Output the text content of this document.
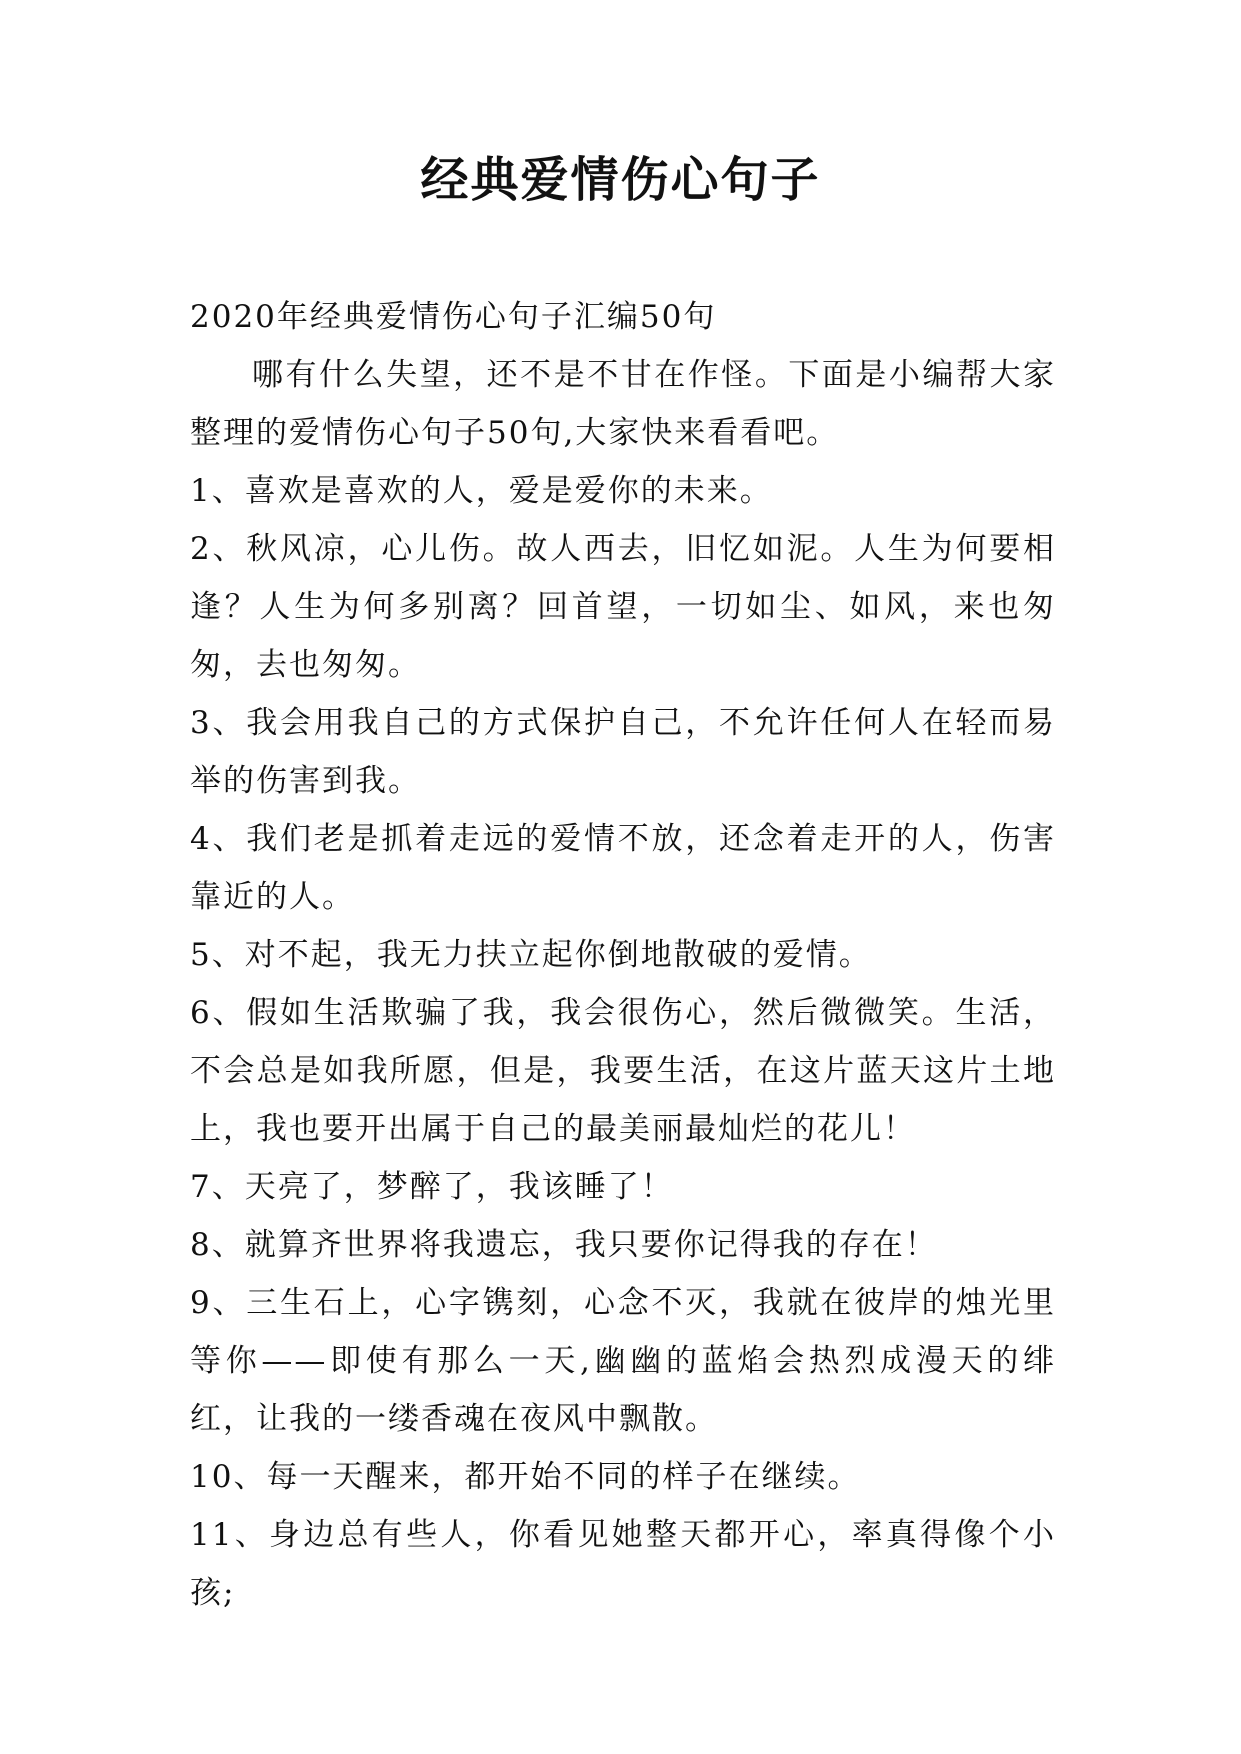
经典爱情伤心句子

2020年经典爱情伤心句子汇编50句

哪有什么失望，还不是不甘在作怪。下面是小编帮大家整理的爱情伤心句子50句,大家快来看看吧。

1、喜欢是喜欢的人，爱是爱你的未来。

2、秋风凉，心儿伤。故人西去，旧忆如泥。人生为何要相逢？人生为何多别离？回首望，一切如尘、如风，来也匆匆，去也匆匆。

3、我会用我自己的方式保护自己，不允许任何人在轻而易举的伤害到我。

4、我们老是抓着走远的爱情不放，还念着走开的人，伤害靠近的人。

5、对不起，我无力扶立起你倒地散破的爱情。

6、假如生活欺骗了我，我会很伤心，然后微微笑。生活，不会总是如我所愿，但是，我要生活，在这片蓝天这片土地上，我也要开出属于自己的最美丽最灿烂的花儿！

7、天亮了，梦醉了，我该睡了！

8、就算齐世界将我遗忘，我只要你记得我的存在！

9、三生石上，心字镌刻，心念不灭，我就在彼岸的烛光里等你——即使有那么一天,幽幽的蓝焰会热烈成漫天的绯红，让我的一缕香魂在夜风中飘散。

10、每一天醒来，都开始不同的样子在继续。

11、身边总有些人，你看见她整天都开心，率真得像个小孩;
